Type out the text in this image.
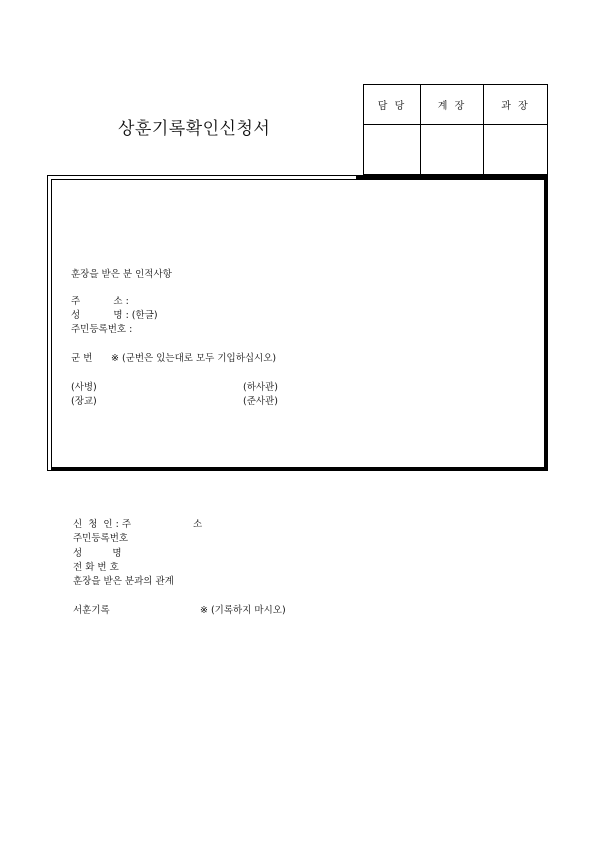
상훈기록확인신청서
담 당	계 장	과 장
훈장을 받은 분 인적사항
주           소 :
성           명 : (한글)
주민등록번호 :
군 번 ※ (군번은 있는대로 모두 기입하십시오)
(사병)	(하사관)
(장교)	(준사관)
신  청  인 : 주	소
주민등록번호
성          명
전 화 번 호
훈장을 받은 분과의 관계
서훈기록	※ (기록하지 마시오)
